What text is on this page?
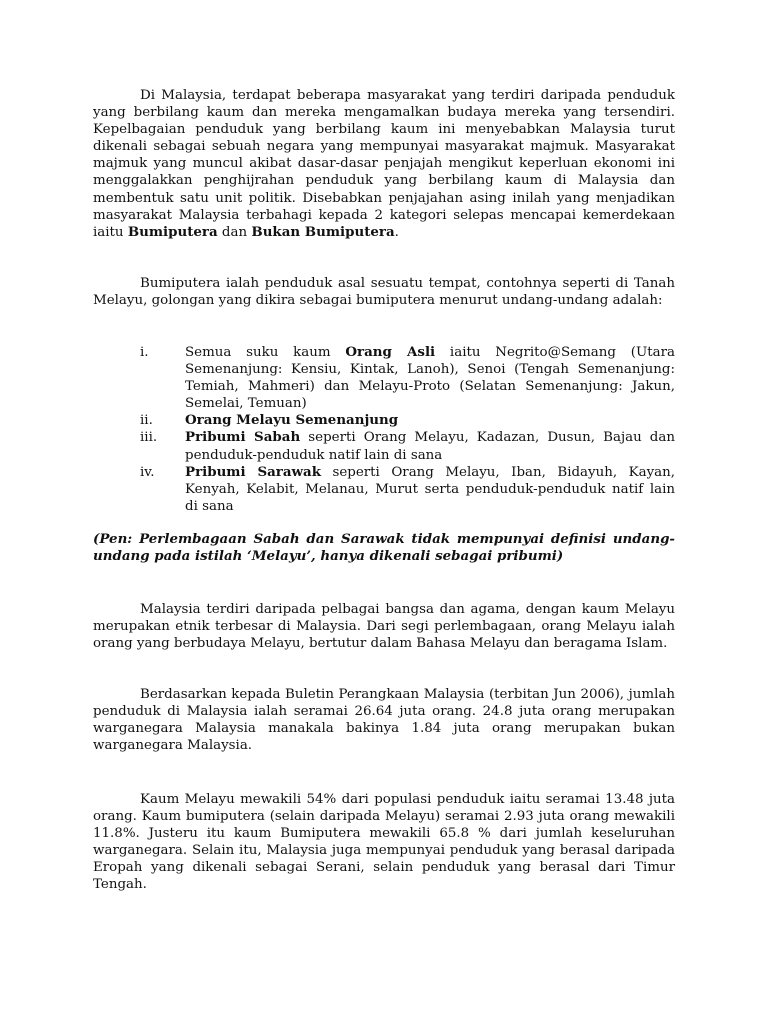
Di Malaysia, terdapat beberapa masyarakat yang terdiri daripada penduduk yang berbilang kaum dan mereka mengamalkan budaya mereka yang tersendiri. Kepelbagaian penduduk yang berbilang kaum ini menyebabkan Malaysia turut dikenali sebagai sebuah negara yang mempunyai masyarakat majmuk. Masyarakat majmuk yang muncul akibat dasar-dasar penjajah mengikut keperluan ekonomi ini menggalakkan penghijrahan penduduk yang berbilang kaum di Malaysia dan membentuk satu unit politik. Disebabkan penjajahan asing inilah yang menjadikan masyarakat Malaysia terbahagi kepada 2 kategori selepas mencapai kemerdekaan iaitu Bumiputera dan Bukan Bumiputera.

Bumiputera ialah penduduk asal sesuatu tempat, contohnya seperti di Tanah Melayu, golongan yang dikira sebagai bumiputera menurut undang-undang adalah:

i.	Semua suku kaum Orang Asli iaitu Negrito@Semang (Utara Semenanjung: Kensiu, Kintak, Lanoh), Senoi (Tengah Semenanjung: Temiah, Mahmeri) dan Melayu-Proto (Selatan Semenanjung: Jakun, Semelai, Temuan)
ii.	Orang Melayu Semenanjung
iii.	Pribumi Sabah seperti Orang Melayu, Kadazan, Dusun, Bajau dan penduduk-penduduk natif lain di sana
iv.	Pribumi Sarawak seperti Orang Melayu, Iban, Bidayuh, Kayan, Kenyah, Kelabit, Melanau, Murut serta penduduk-penduduk natif lain di sana

(Pen: Perlembagaan Sabah dan Sarawak tidak mempunyai definisi undang-undang pada istilah ‘Melayu’, hanya dikenali sebagai pribumi)

Malaysia terdiri daripada pelbagai bangsa dan agama, dengan kaum Melayu merupakan etnik terbesar di Malaysia. Dari segi perlembagaan, orang Melayu ialah orang yang berbudaya Melayu, bertutur dalam Bahasa Melayu dan beragama Islam.

Berdasarkan kepada Buletin Perangkaan Malaysia (terbitan Jun 2006), jumlah penduduk di Malaysia ialah seramai 26.64 juta orang. 24.8 juta orang merupakan warganegara Malaysia manakala bakinya 1.84 juta orang merupakan bukan warganegara Malaysia.

Kaum Melayu mewakili 54% dari populasi penduduk iaitu seramai 13.48 juta orang. Kaum bumiputera (selain daripada Melayu) seramai 2.93 juta orang mewakili 11.8%. Justeru itu kaum Bumiputera mewakili 65.8 % dari jumlah keseluruhan warganegara. Selain itu, Malaysia juga mempunyai penduduk yang berasal daripada Eropah yang dikenali sebagai Serani, selain penduduk yang berasal dari Timur Tengah.
